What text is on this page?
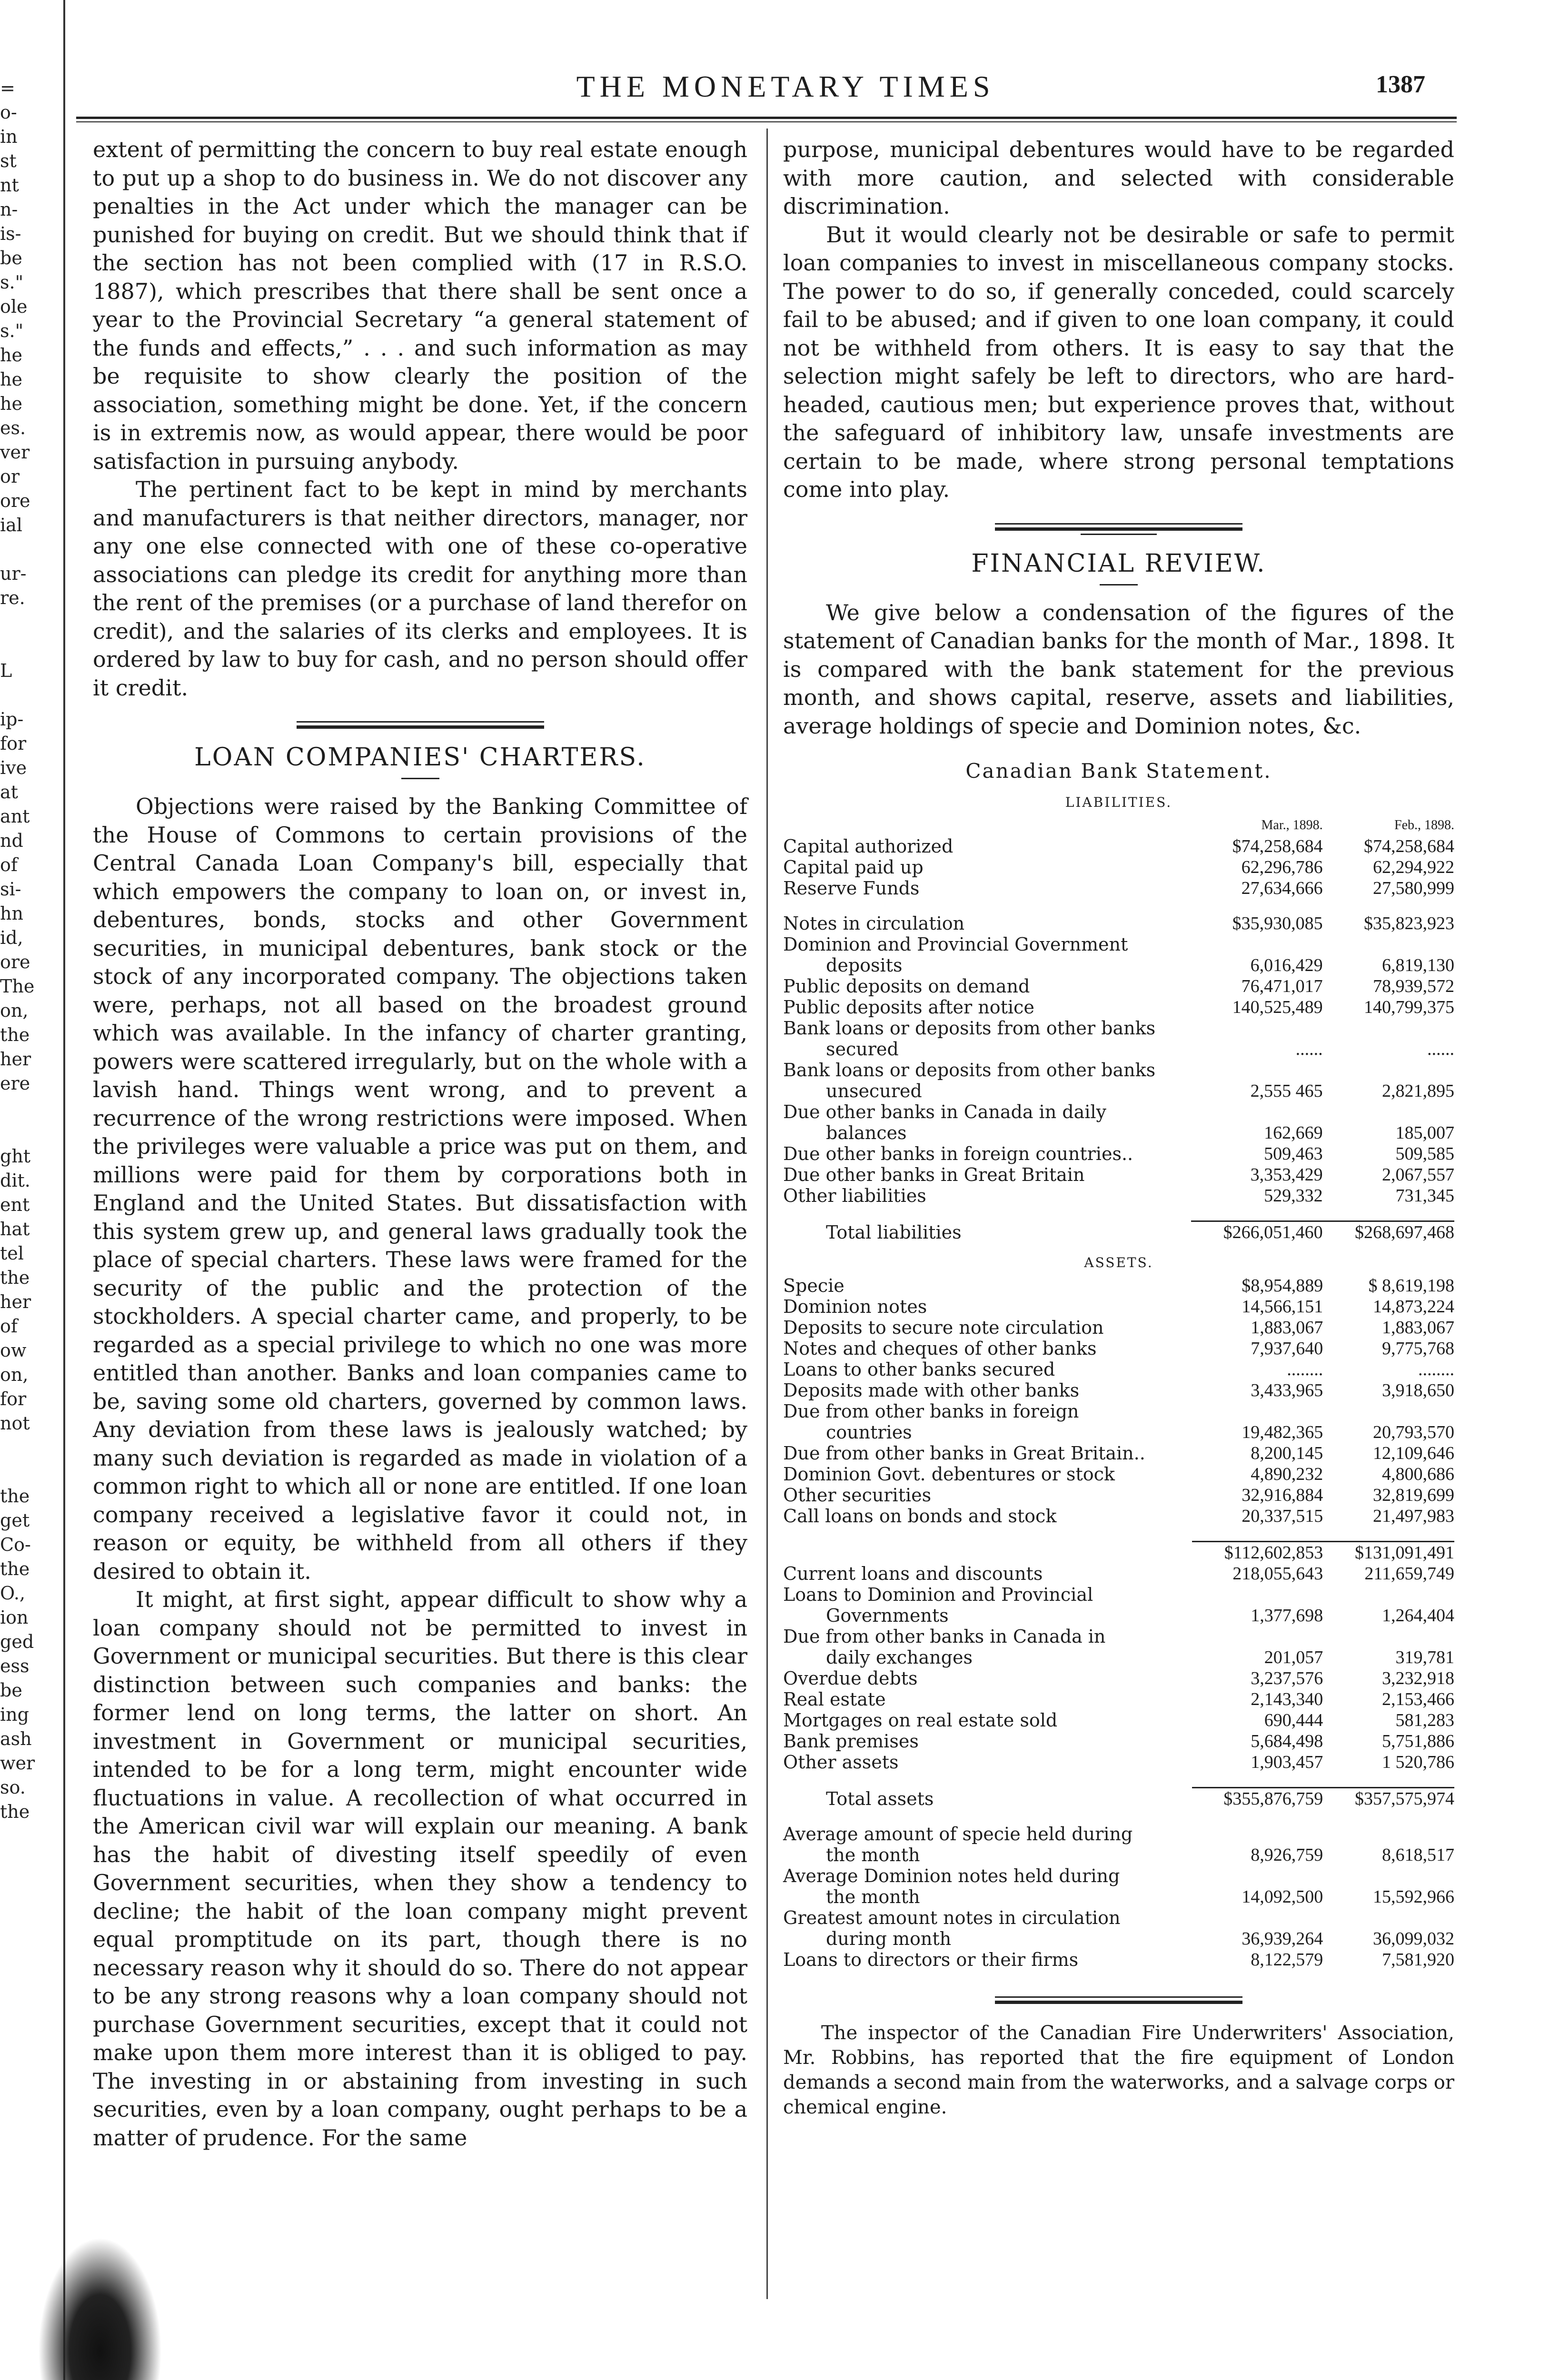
=
o-
in
st
nt
n-
is-
be
s."
ole
s."
he
he
he
es.
ver
or
ore
ial
ur-
re.
L
ip-
for
ive
at
ant
nd
of
si-
hn
id,
ore
The
on,
the
her
ere
ght
dit.
ent
hat
tel
the
her
of
ow
on,
for
not
the
get
Co-
the
O.,
ion
ged
ess
be
ing
ash
wer
so.
the
THE MONETARY TIMES	1387

extent of permitting the concern to buy real estate enough to put up a shop to do business in. We do not discover any penalties in the Act under which the manager can be punished for buying on credit. But we should think that if the section has not been complied with (17 in R.S.O. 1887), which prescribes that there shall be sent once a year to the Provincial Secretary “a general statement of the funds and effects,” . . . and such information as may be requisite to show clearly the position of the association, something might be done. Yet, if the concern is in extremis now, as would appear, there would be poor satisfaction in pursuing anybody.

The pertinent fact to be kept in mind by merchants and manufacturers is that neither directors, manager, nor any one else connected with one of these co-operative associations can pledge its credit for anything more than the rent of the premises (or a purchase of land therefor on credit), and the salaries of its clerks and employees. It is ordered by law to buy for cash, and no person should offer it credit.

LOAN COMPANIES' CHARTERS.

Objections were raised by the Banking Committee of the House of Commons to certain provisions of the Central Canada Loan Company's bill, especially that which empowers the company to loan on, or invest in, debentures, bonds, stocks and other Government securities, in municipal debentures, bank stock or the stock of any incorporated company. The objections taken were, perhaps, not all based on the broadest ground which was available. In the infancy of charter granting, powers were scattered irregularly, but on the whole with a lavish hand. Things went wrong, and to prevent a recurrence of the wrong restrictions were imposed. When the privileges were valuable a price was put on them, and millions were paid for them by corporations both in England and the United States. But dissatisfaction with this system grew up, and general laws gradually took the place of special charters. These laws were framed for the security of the public and the protection of the stockholders. A special charter came, and properly, to be regarded as a special privilege to which no one was more entitled than another. Banks and loan companies came to be, saving some old charters, governed by common laws. Any deviation from these laws is jealously watched; by many such deviation is regarded as made in violation of a common right to which all or none are entitled. If one loan company received a legislative favor it could not, in reason or equity, be withheld from all others if they desired to obtain it.

It might, at first sight, appear difficult to show why a loan company should not be permitted to invest in Government or municipal securities. But there is this clear distinction between such companies and banks: the former lend on long terms, the latter on short. An investment in Government or municipal securities, intended to be for a long term, might encounter wide fluctuations in value. A recollection of what occurred in the American civil war will explain our meaning. A bank has the habit of divesting itself speedily of even Government securities, when they show a tendency to decline; the habit of the loan company might prevent equal promptitude on its part, though there is no necessary reason why it should do so. There do not appear to be any strong reasons why a loan company should not purchase Government securities, except that it could not make upon them more interest than it is obliged to pay. The investing in or abstaining from investing in such securities, even by a loan company, ought perhaps to be a matter of prudence. For the same

purpose, municipal debentures would have to be regarded with more caution, and selected with considerable discrimination.

But it would clearly not be desirable or safe to permit loan companies to invest in miscellaneous company stocks. The power to do so, if generally conceded, could scarcely fail to be abused; and if given to one loan company, it could not be withheld from others. It is easy to say that the selection might safely be left to directors, who are hard-headed, cautious men; but experience proves that, without the safeguard of inhibitory law, unsafe investments are certain to be made, where strong personal temptations come into play.

FINANCIAL REVIEW.

We give below a condensation of the figures of the statement of Canadian banks for the month of Mar., 1898. It is compared with the bank statement for the previous month, and shows capital, reserve, assets and liabilities, average holdings of specie and Dominion notes, &c.

Canadian Bank Statement.
LIABILITIES.
	Mar., 1898.	Feb., 1898.
Capital authorized	$74,258,684	$74,258,684
Capital paid up	62,296,786	62,294,922
Reserve Funds	27,634,666	27,580,999

Notes in circulation	$35,930,085	$35,823,923
Dominion and Provincial Government		
deposits	6,016,429	6,819,130
Public deposits on demand	76,471,017	78,939,572
Public deposits after notice	140,525,489	140,799,375
Bank loans or deposits from other banks		
secured	......	......
Bank loans or deposits from other banks		
unsecured	2,555 465	2,821,895
Due other banks in Canada in daily		
balances	162,669	185,007
Due other banks in foreign countries..	509,463	509,585
Due other banks in Great Britain	3,353,429	2,067,557
Other liabilities	529,332	731,345

Total liabilities	$266,051,460	$268,697,468
ASSETS.
Specie	$8,954,889	$ 8,619,198
Dominion notes	14,566,151	14,873,224
Deposits to secure note circulation	1,883,067	1,883,067
Notes and cheques of other banks	7,937,640	9,775,768
Loans to other banks secured	........	........
Deposits made with other banks	3,433,965	3,918,650
Due from other banks in foreign		
countries	19,482,365	20,793,570
Due from other banks in Great Britain..	8,200,145	12,109,646
Dominion Govt. debentures or stock	4,890,232	4,800,686
Other securities	32,916,884	32,819,699
Call loans on bonds and stock	20,337,515	21,497,983

	$112,602,853	$131,091,491
Current loans and discounts	218,055,643	211,659,749
Loans to Dominion and Provincial		
Governments	1,377,698	1,264,404
Due from other banks in Canada in		
daily exchanges	201,057	319,781
Overdue debts	3,237,576	3,232,918
Real estate	2,143,340	2,153,466
Mortgages on real estate sold	690,444	581,283
Bank premises	5,684,498	5,751,886
Other assets	1,903,457	1 520,786

Total assets	$355,876,759	$357,575,974

Average amount of specie held during		
the month	8,926,759	8,618,517
Average Dominion notes held during		
the month	14,092,500	15,592,966
Greatest amount notes in circulation		
during month	36,939,264	36,099,032
Loans to directors or their firms	8,122,579	7,581,920

The inspector of the Canadian Fire Underwriters' Association, Mr. Robbins, has reported that the fire equipment of London demands a second main from the waterworks, and a salvage corps or chemical engine.
